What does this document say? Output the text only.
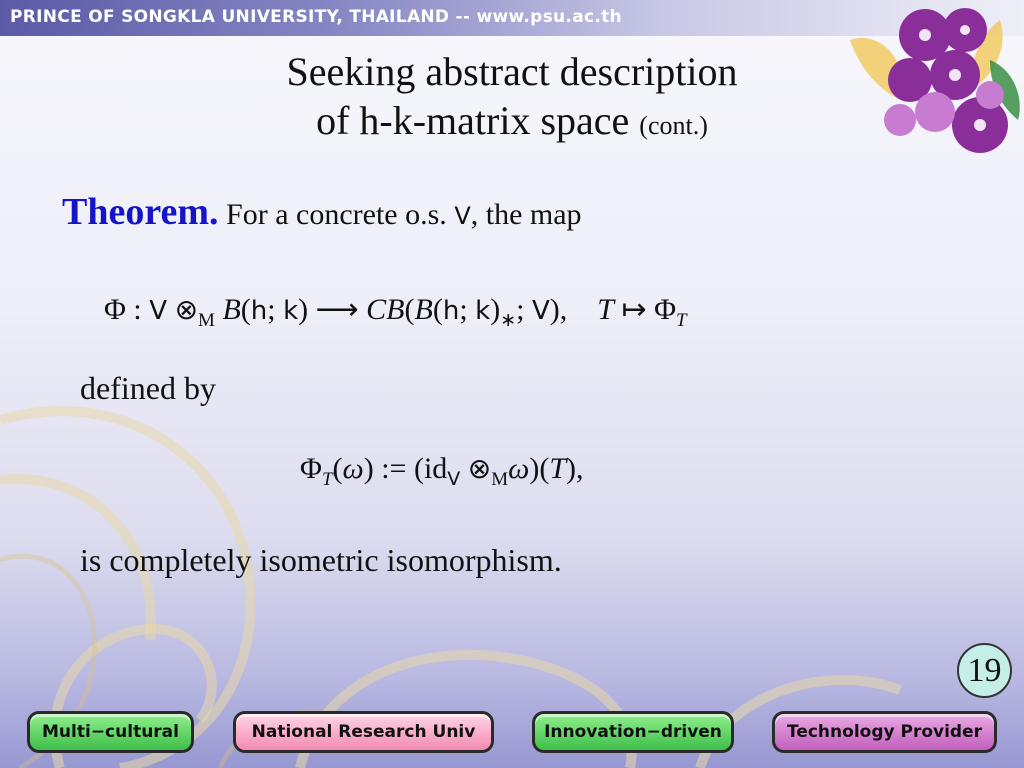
PRINCE OF SONGKLA UNIVERSITY, THAILAND -- www.psu.ac.th
Seeking abstract description
of h-k-matrix space (cont.)
Theorem. For a concrete o.s. V, the map
Φ : V $\otimes_M$ B(h; k) ⟶ CB(B(h; $k)_∗$; V),    T ↦ $\Phi_T$
defined by
$\Phi_T(\omega)$ := ($id_V$ $\otimes_M\omega)(T)$,
is completely isometric isomorphism.
19
Multi−cultural	National Research Univ	Innovation−driven	Technology Provider
